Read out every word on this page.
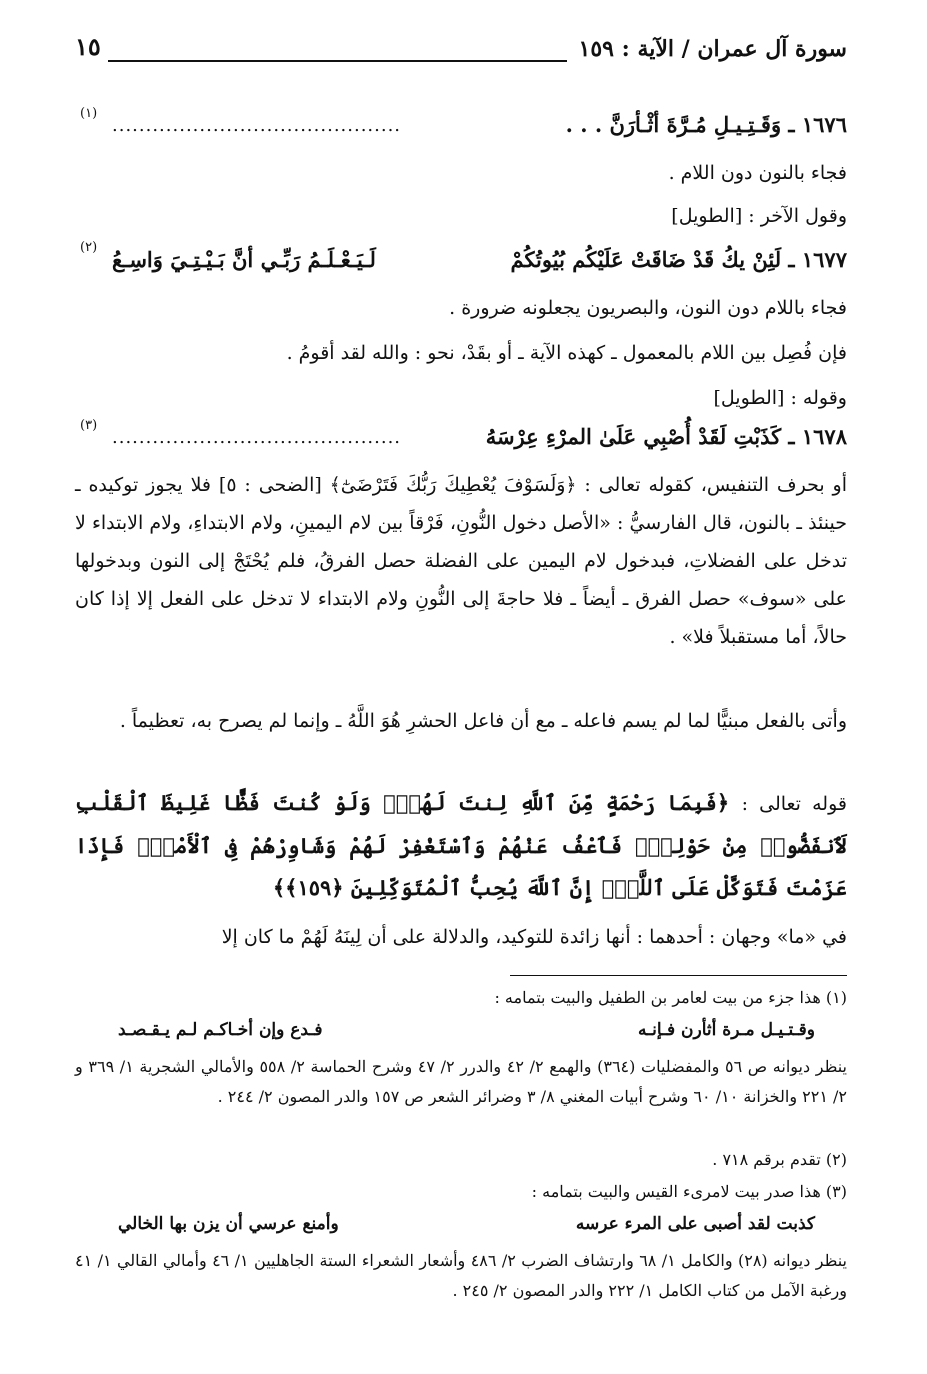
سورة آل عمران / الآية : ١٥٩
١٥
١٦٧٦ ـ وَقَـتِـيـلِ مُـرَّةَ أثْـأرَنَّ . . .
...........................................
(١)
فجاء بالنون دون اللام .
وقول الآخر : [الطويل]
١٦٧٧ ـ لَئِنْ يكُ قَدْ ضَاقَتْ عَلَيْكُم بُيُوتُكُمْ
لَـيَـعْـلَـمُ رَبِّـي أنَّ بَـيْـتِـيَ وَاسِـعُ
(٢)
فجاء باللام دون النون، والبصريون يجعلونه ضرورة .
فإن فُصِل بين اللام بالمعمول ـ كهذه الآية ـ أو بقَدْ، نحو : والله لقد أقومُ .
وقوله : [الطويل]
١٦٧٨ ـ كَذَبْتِ لَقَدْ أُصْبِي عَلَىٰ المرْءِ عِرْسَهُ
...........................................
(٣)
أو بحرف التنفيس، كقوله تعالى : ﴿وَلَسَوْفَ يُعْطِيكَ رَبُّكَ فَتَرْضَىٰٓ﴾ [الضحى : ٥] فلا يجوز توكيده ـ حينئذ ـ بالنون، قال الفارسيُّ : «الأصل دخول النُّونِ، فَرْقاً بين لام اليمينِ، ولام الابتداءِ، ولام الابتداء لا تدخل على الفضلاتِ، فبدخول لام اليمين على الفضلة حصل الفرقُ، فلم يُحْتَجْ إلى النون وبدخولها على «سوف» حصل الفرق ـ أيضاً ـ فلا حاجةَ إلى النُّونِ ولام الابتداء لا تدخل على الفعل إلا إذا كان حالاً، أما مستقبلاً فلا» .
وأتى بالفعل مبنيًّا لما لم يسم فاعله ـ مع أن فاعل الحشرِ هُوَ اللَّهُ ـ وإنما لم يصرح به، تعظيماً .
قوله تعالى : ﴿فَبِمَا رَحْمَةٍ مِّنَ ٱللَّهِ لِنتَ لَهُمْۖ وَلَوْ كُنتَ فَظًّا غَلِيظَ ٱلْقَلْبِ لَٱنفَضُّوا۟ مِنْ حَوْلِكَۖ فَٱعْفُ عَنْهُمْ وَٱسْتَغْفِرْ لَهُمْ وَشَاوِرْهُمْ فِى ٱلْأَمْرِۖ فَإِذَا عَزَمْتَ فَتَوَكَّلْ عَلَى ٱللَّهِۚ إِنَّ ٱللَّهَ يُحِبُّ ٱلْمُتَوَكِّلِينَ ﴿١٥٩﴾﴾
في «ما» وجهان : أحدهما : أنها زائدة للتوكيد، والدلالة على أن لِينَهُ لَهُمْ ما كان إلا
(١) هذا جزء من بيت لعامر بن الطفيل والبيت بتمامه :
وقـتـيـل مـرة أثأرن فـإنـه
فـدع وإن أخـاكـم لـم يـقـصـد
ينظر ديوانه ص ٥٦ والمفضليات (٣٦٤) والهمع ٢/ ٤٢ والدرر ٢/ ٤٧ وشرح الحماسة ٢/ ٥٥٨ والأمالي الشجرية ١/ ٣٦٩ و ٢/ ٢٢١ والخزانة ١٠/ ٦٠ وشرح أبيات المغني ٨/ ٣ وضرائر الشعر ص ١٥٧ والدر المصون ٢/ ٢٤٤ .
(٢) تقدم برقم ٧١٨ .
(٣) هذا صدر بيت لامرىء القيس والبيت بتمامه :
كذبت لقد أصبى على المرء عرسه
وأمنع عرسي أن يزن بها الخالي
ينظر ديوانه (٢٨) والكامل ١/ ٦٨ وارتشاف الضرب ٢/ ٤٨٦ وأشعار الشعراء الستة الجاهليين ١/ ٤٦ وأمالي القالي ١/ ٤١ ورغبة الآمل من كتاب الكامل ١/ ٢٢٢ والدر المصون ٢/ ٢٤٥ .
